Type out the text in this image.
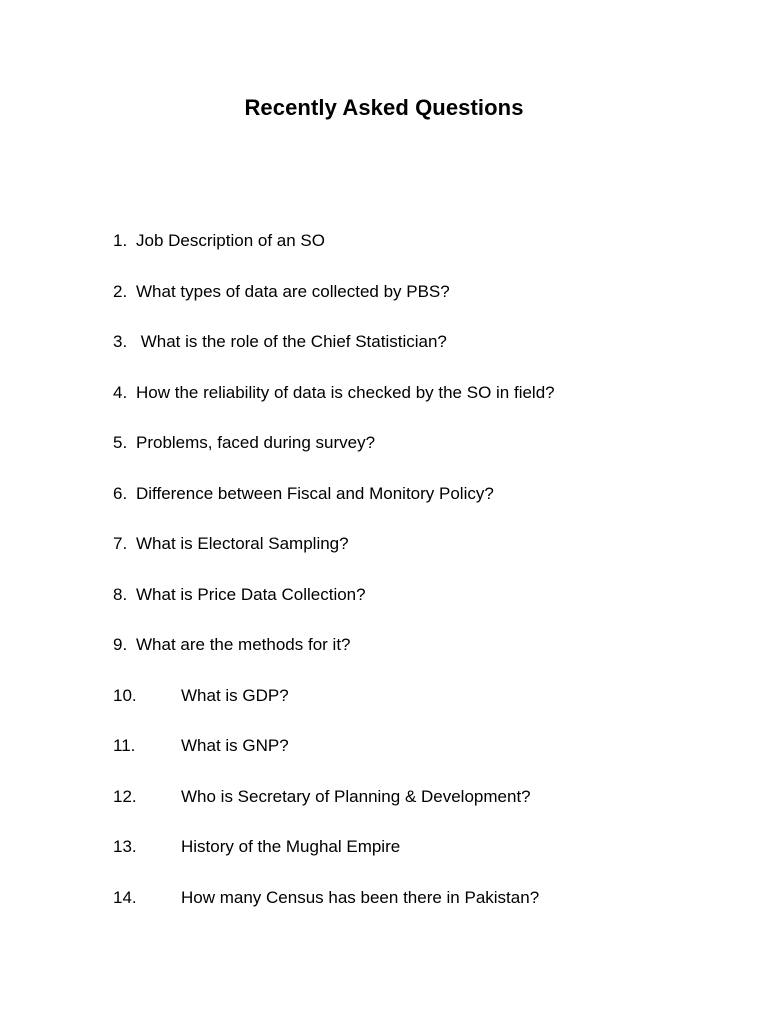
Recently Asked Questions
1. Job Description of an SO
2. What types of data are collected by PBS?
3. What is the role of the Chief Statistician?
4. How the reliability of data is checked by the SO in field?
5. Problems, faced during survey?
6. Difference between Fiscal and Monitory Policy?
7. What is Electoral Sampling?
8. What is Price Data Collection?
9. What are the methods for it?
10.	What is GDP?
11.	What is GNP?
12.	Who is Secretary of Planning & Development?
13.	History of the Mughal Empire
14.	How many Census has been there in Pakistan?
